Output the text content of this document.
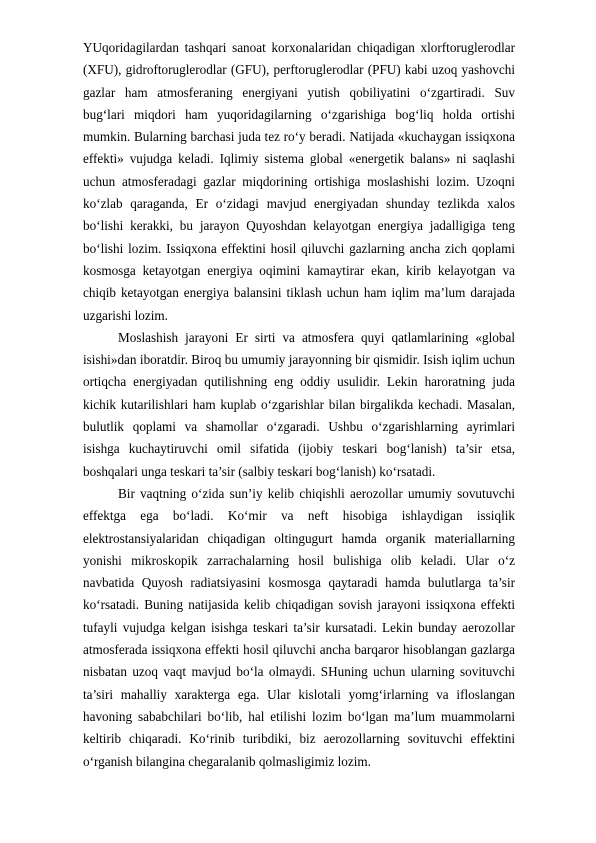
YUqoridagilardan tashqari sanoat korxonalaridan chiqadigan xlorftoruglerodlar (XFU), gidroftoruglerodlar (GFU), perftoruglerodlar (PFU) kabi uzoq yashovchi gazlar ham atmosferaning energiyani yutish qobiliyatini o‘zgartiradi. Suv bug‘lari miqdori ham yuqoridagilarning o‘zgarishiga bog‘liq holda ortishi mumkin. Bularning barchasi juda tez ro‘y beradi. Natijada «kuchaygan issiqxona effekti» vujudga keladi. Iqlimiy sistema global «energetik balans» ni saqlashi uchun atmosferadagi gazlar miqdorining ortishiga moslashishi lozim. Uzoqni ko‘zlab qaraganda, Er o‘zidagi mavjud energiyadan shunday tezlikda xalos bo‘lishi kerakki, bu jarayon Quyoshdan kelayotgan energiya jadalligiga teng bo‘lishi lozim. Issiqxona effektini hosil qiluvchi gazlarning ancha zich qoplami kosmosga ketayotgan energiya oqimini kamaytirar ekan, kirib kelayotgan va chiqib ketayotgan energiya balansini tiklash uchun ham iqlim ma’lum darajada uzgarishi lozim.

Moslashish jarayoni Er sirti va atmosfera quyi qatlamlarining «global isishi»dan iboratdir. Biroq bu umumiy jarayonning bir qismidir. Isish iqlim uchun ortiqcha energiyadan qutilishning eng oddiy usulidir. Lekin haroratning juda kichik kutarilishlari ham kuplab o‘zgarishlar bilan birgalikda kechadi. Masalan, bulutlik qoplami va shamollar o‘zgaradi. Ushbu o‘zgarishlarning ayrimlari isishga kuchaytiruvchi omil sifatida (ijobiy teskari bog‘lanish) ta’sir etsa, boshqalari unga teskari ta’sir (salbiy teskari bog‘lanish) ko‘rsatadi.

Bir vaqtning o‘zida sun’iy kelib chiqishli aerozollar umumiy sovutuvchi effektga ega bo‘ladi. Ko‘mir va neft hisobiga ishlaydigan issiqlik elektrostansiyalaridan chiqadigan oltingugurt hamda organik materiallarning yonishi mikroskopik zarrachalarning hosil bulishiga olib keladi. Ular o‘z navbatida Quyosh radiatsiyasini kosmosga qaytaradi hamda bulutlarga ta’sir ko‘rsatadi. Buning natijasida kelib chiqadigan sovish jarayoni issiqxona effekti tufayli vujudga kelgan isishga teskari ta’sir kursatadi. Lekin bunday aerozollar atmosferada issiqxona effekti hosil qiluvchi ancha barqaror hisoblangan gazlarga nisbatan uzoq vaqt mavjud bo‘la olmaydi. SHuning uchun ularning sovituvchi ta’siri mahalliy xarakterga ega. Ular kislotali yomg‘irlarning va ifloslangan havoning sababchilari bo‘lib, hal etilishi lozim bo‘lgan ma’lum muammolarni keltirib chiqaradi. Ko‘rinib turibdiki, biz aerozollarning sovituvchi effektini o‘rganish bilangina chegaralanib qolmasligimiz lozim.
